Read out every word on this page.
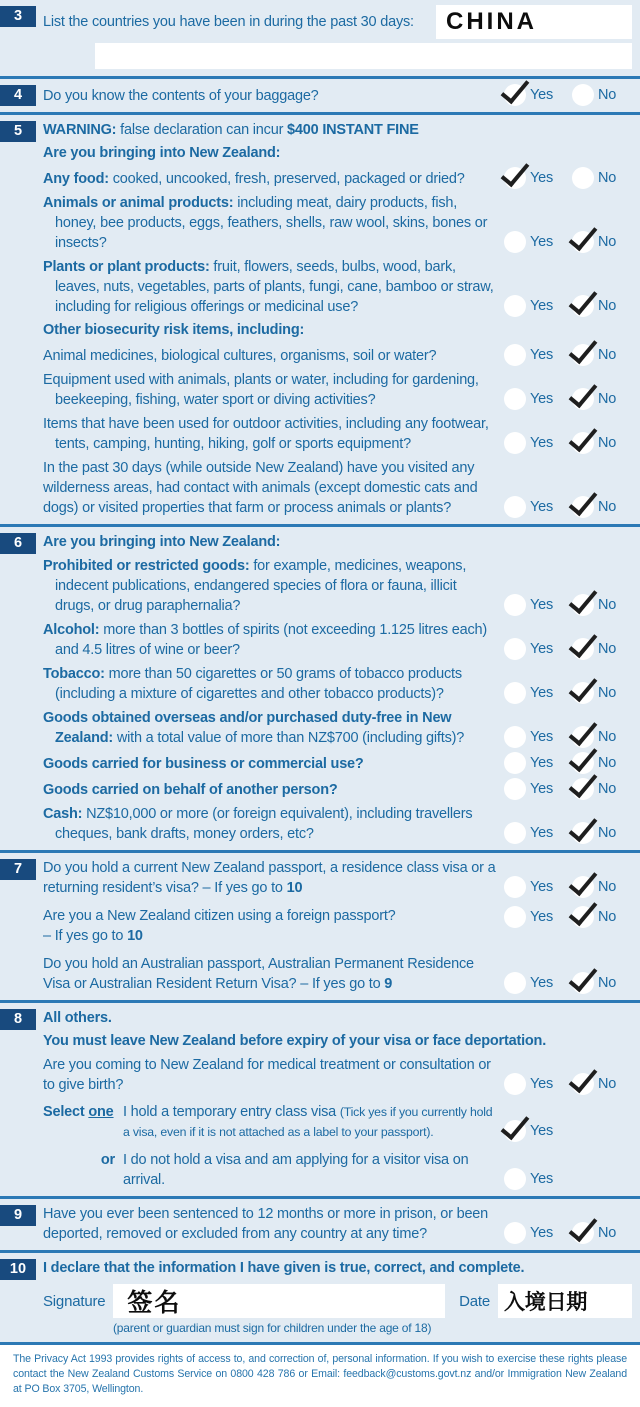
3	List the countries you have been in during the past 30 days:	CHINA
4	Do you know the contents of your baggage?	Yes	No
5	WARNING: false declaration can incur $400 INSTANT FINE
Are you bringing into New Zealand:
Any food: cooked, uncooked, fresh, preserved, packaged or dried?	Yes	No
Animals or animal products: including meat, dairy products, fish, honey, bee products, eggs, feathers, shells, raw wool, skins, bones or insects?	Yes	No
Plants or plant products: fruit, flowers, seeds, bulbs, wood, bark, leaves, nuts, vegetables, parts of plants, fungi, cane, bamboo or straw, including for religious offerings or medicinal use?	Yes	No
Other biosecurity risk items, including:
Animal medicines, biological cultures, organisms, soil or water?	Yes	No
Equipment used with animals, plants or water, including for gardening, beekeeping, fishing, water sport or diving activities?	Yes	No
Items that have been used for outdoor activities, including any footwear, tents, camping, hunting, hiking, golf or sports equipment?	Yes	No
In the past 30 days (while outside New Zealand) have you visited any wilderness areas, had contact with animals (except domestic cats and dogs) or visited properties that farm or process animals or plants?	Yes	No
6	Are you bringing into New Zealand:
Prohibited or restricted goods: for example, medicines, weapons, indecent publications, endangered species of flora or fauna, illicit drugs, or drug paraphernalia?	Yes	No
Alcohol: more than 3 bottles of spirits (not exceeding 1.125 litres each) and 4.5 litres of wine or beer?	Yes	No
Tobacco: more than 50 cigarettes or 50 grams of tobacco products (including a mixture of cigarettes and other tobacco products)?	Yes	No
Goods obtained overseas and/or purchased duty-free in New Zealand: with a total value of more than NZ$700 (including gifts)?	Yes	No
Goods carried for business or commercial use?	Yes	No
Goods carried on behalf of another person?	Yes	No
Cash: NZ$10,000 or more (or foreign equivalent), including travellers cheques, bank drafts, money orders, etc?	Yes	No
7	Do you hold a current New Zealand passport, a residence class visa or a returning resident’s visa? – If yes go to 10	Yes	No
Are you a New Zealand citizen using a foreign passport?
– If yes go to 10
Yes	No
Do you hold an Australian passport, Australian Permanent Residence Visa or Australian Resident Return Visa? – If yes go to 9	Yes	No
8	All others.
You must leave New Zealand before expiry of your visa or face deportation.
Are you coming to New Zealand for medical treatment or consultation or to give birth?	Yes	No
Select one I hold a temporary entry class visa (Tick yes if you currently hold a visa, even if it is not attached as a label to your passport).	Yes
or I do not hold a visa and am applying for a visitor visa on arrival.	Yes
9	Have you ever been sentenced to 12 months or more in prison, or been deported, removed or excluded from any country at any time?	Yes	No
10	I declare that the information I have given is true, correct, and complete.
Signature 签名	Date 入境日期
(parent or guardian must sign for children under the age of 18)
The Privacy Act 1993 provides rights of access to, and correction of, personal information. If you wish to exercise these rights please contact the New Zealand Customs Service on 0800 428 786 or Email: feedback@customs.govt.nz and/or Immigration New Zealand at PO Box 3705, Wellington.
